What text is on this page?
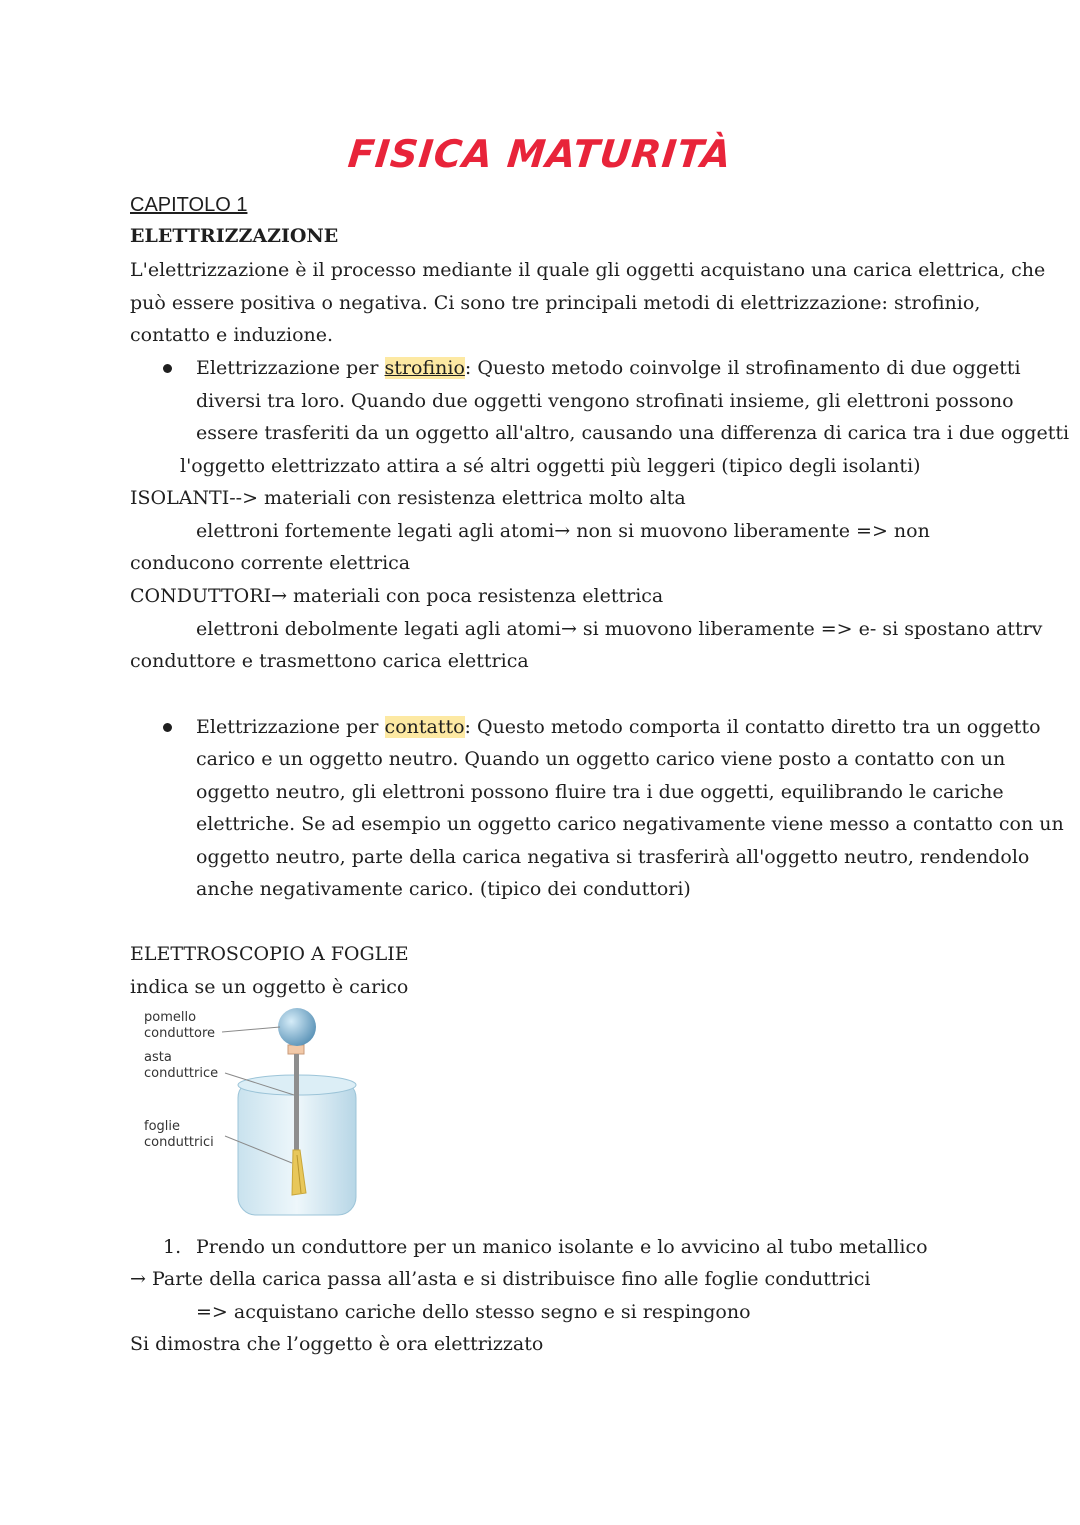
FISICA MATURITÀ
CAPITOLO 1
ELETTRIZZAZIONE
L'elettrizzazione è il processo mediante il quale gli oggetti acquistano una carica elettrica, che
può essere positiva o negativa. Ci sono tre principali metodi di elettrizzazione: strofinio,
contatto e induzione.
Elettrizzazione per strofinio: Questo metodo coinvolge il strofinamento di due oggetti
diversi tra loro. Quando due oggetti vengono strofinati insieme, gli elettroni possono
essere trasferiti da un oggetto all'altro, causando una differenza di carica tra i due oggetti
l'oggetto elettrizzato attira a sé altri oggetti più leggeri (tipico degli isolanti)
ISOLANTI--> materiali con resistenza elettrica molto alta
elettroni fortemente legati agli atomi→ non si muovono liberamente => non
conducono corrente elettrica
CONDUTTORI→ materiali con poca resistenza elettrica
elettroni debolmente legati agli atomi→ si muovono liberamente => e- si spostano attrv
conduttore e trasmettono carica elettrica
Elettrizzazione per contatto: Questo metodo comporta il contatto diretto tra un oggetto
carico e un oggetto neutro. Quando un oggetto carico viene posto a contatto con un
oggetto neutro, gli elettroni possono fluire tra i due oggetti, equilibrando le cariche
elettriche. Se ad esempio un oggetto carico negativamente viene messo a contatto con un
oggetto neutro, parte della carica negativa si trasferirà all'oggetto neutro, rendendolo
anche negativamente carico. (tipico dei conduttori)
ELETTROSCOPIO A FOGLIE
indica se un oggetto è carico
pomello
conduttore
asta
conduttrice
foglie
conduttrici
1. Prendo un conduttore per un manico isolante e lo avvicino al tubo metallico
→ Parte della carica passa all’asta e si distribuisce fino alle foglie conduttrici
=> acquistano cariche dello stesso segno e si respingono
Si dimostra che l’oggetto è ora elettrizzato
